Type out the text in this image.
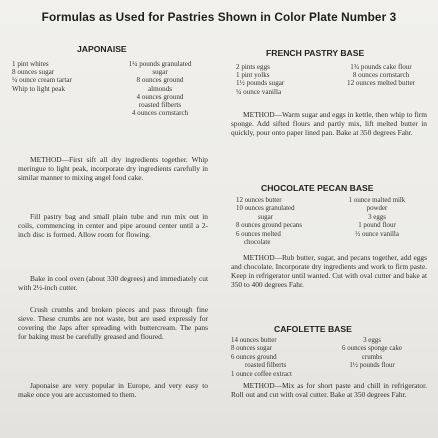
Formulas as Used for Pastries Shown in Color Plate Number 3
JAPONAISE
1 pint whites
8 ounces sugar
¼ ounce cream tartar
Whip to light peak
1¼ pounds granulated
sugar
8 ounces ground
almonds
4 ounces ground
roasted filberts
4 ounces cornstarch

METHOD—First sift all dry ingredients together. Whip meringue to light peak, incorporate dry ingredients carefully in similar manner to mixing angel food cake.

Fill pastry bag and small plain tube and run mix out in coils, commencing in center and pipe around center until a 2-inch disc is formed. Allow room for flowing.

Bake in cool oven (about 330 degrees) and immediately cut with 2½-inch cutter.

Crush crumbs and broken pieces and pass through fine sieve. These crumbs are not waste, but are used expressly for covering the Japs after spreading with buttercream. The pans for baking must be carefully greased and floured.

Japonaise are very popular in Europe, and very easy to make once you are accustomed to them.

FRENCH PASTRY BASE
2 pints eggs
1 pint yolks
1½ pounds sugar
¼ ounce vanilla
1¾ pounds cake flour
8 ounces cornstarch
12 ounces melted butter

METHOD—Warm sugar and eggs in kettle, then whip to firm sponge. Add sifted flours and partly mix, lift melted butter in quickly, pour onto paper lined pan. Bake at 350 degrees Fahr.

CHOCOLATE PECAN BASE
12 ounces butter
10 ounces granulated
sugar
8 ounces ground pecans
6 ounces melted
chocolate
1 ounce malted milk
powder
3 eggs
1 pound flour
½ ounce vanilla

METHOD—Rub butter, sugar, and pecans together, add eggs and chocolate. Incorporate dry ingredients and work to firm paste. Keep in refrigerator until wanted. Cut with oval cutter and bake at 350 to 400 degrees Fahr.

CAFOLETTE BASE
14 ounces butter
8 ounces sugar
6 ounces ground
roasted filberts
1 ounce coffee extract
3 eggs
6 ounces sponge cake
crumbs
1½ pounds flour

METHOD—Mix as for short paste and chill in refrigerator. Roll out and cut with oval cutter. Bake at 350 degrees Fahr.
